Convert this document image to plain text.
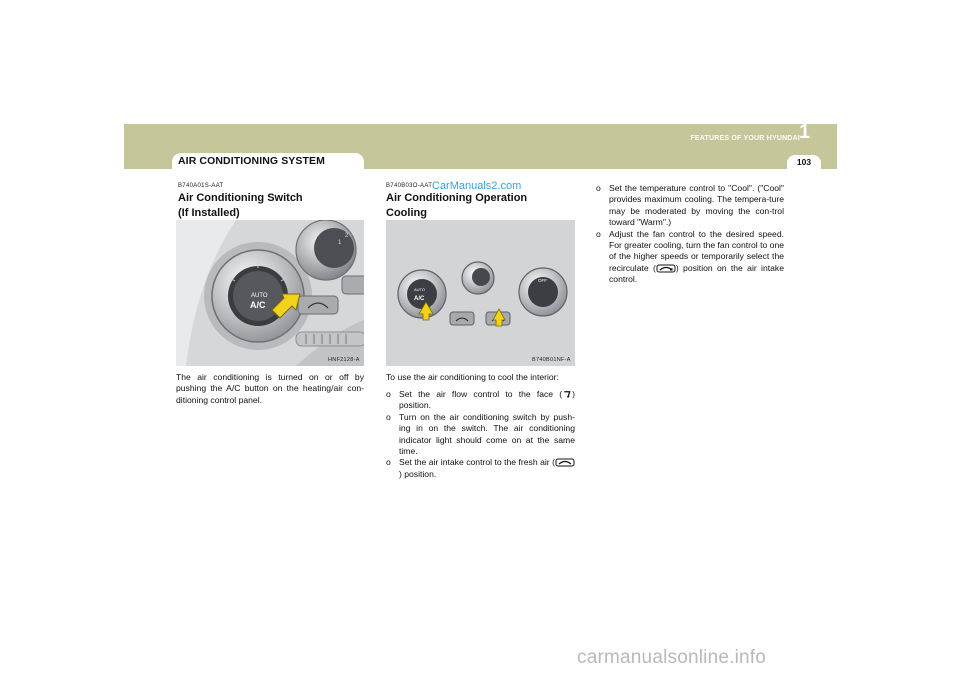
AIR CONDITIONING SYSTEM
FEATURES OF YOUR HYUNDAI 1
103
B740A01S-AAT
Air Conditioning Switch
(If Installed)
AUTO
A/C
1
2
HNF2128-A
The air conditioning is turned on or off by pushing the A/C button on the heating/air con-ditioning control panel.
B740B03O-AAT CarManuals2.com
Air Conditioning Operation
Cooling
AUTO
A/C
OFF
B740B01NF-A
To use the air conditioning to cool the interior:
o Set the air flow control to the face ( ) position.
o Turn on the air conditioning switch by push-ing in on the switch. The air conditioning indicator light should come on at the same time.
o Set the air intake control to the fresh air () position.
o Set the temperature control to "Cool". ("Cool" provides maximum cooling. The tempera-ture may be moderated by moving the con-trol toward "Warm".)
o Adjust the fan control to the desired speed. For greater cooling, turn the fan control to one of the higher speeds or temporarily select the recirculate ( ) position on the air intake control.
carmanualsonline.info
